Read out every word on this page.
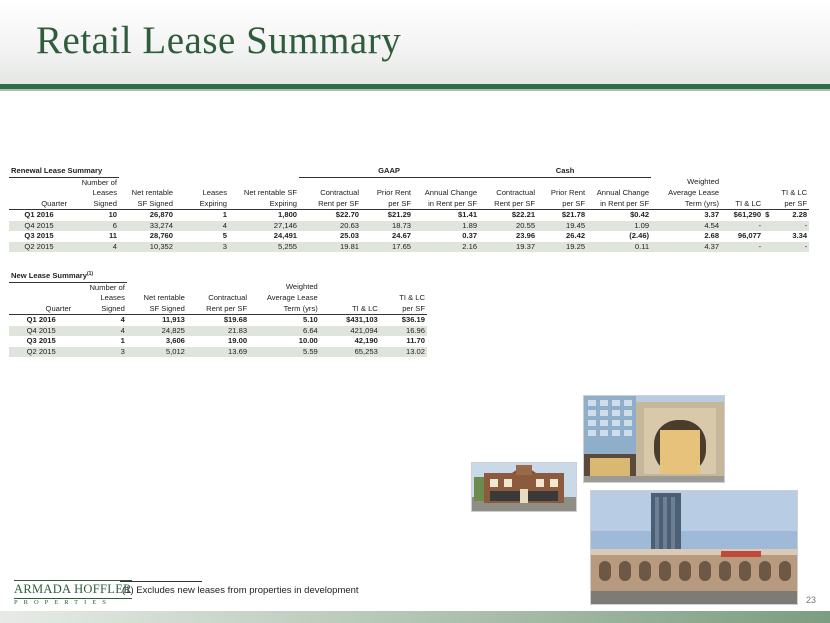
Retail Lease Summary
Renewal Lease Summary					GAAP			Cash						
	Number of										Weighted			
	Leases	Net rentable	Leases	Net rentable SF	Contractual	Prior Rent	Annual Change	Contractual	Prior Rent	Annual Change	Average Lease		TI & LC	
Quarter	Signed	SF Signed	Expiring	Expiring	Rent per SF	per SF	in Rent per SF	Rent per SF	per SF	in Rent per SF	Term (yrs)	TI & LC	per SF	
Q1 2016	10	26,870	1	1,800	$22.70	$21.29	$1.41	$22.21	$21.78	$0.42	3.37	$61,290	$	2.28
Q4 2015	6	33,274	4	27,146	20.63	18.73	1.89	20.55	19.45	1.09	4.54	-		-
Q3 2015	11	28,760	5	24,491	25.03	24.67	0.37	23.96	26.42	(2.46)	2.68	96,077		3.34
Q2 2015	4	10,352	3	5,255	19.81	17.65	2.16	19.37	19.25	0.11	4.37	-		-
New Lease Summary$^{(1)}$	
	Number of			Weighted		
	Leases	Net rentable	Contractual	Average Lease		TI & LC
Quarter	Signed	SF Signed	Rent per SF	Term (yrs)	TI & LC	per SF
Q1 2016	4	11,913	$19.68	5.10	$431,103	$36.19
Q4 2015	4	24,825	21.83	6.64	421,094	16.96
Q3 2015	1	3,606	19.00	10.00	42,190	11.70
Q2 2015	3	5,012	13.69	5.59	65,253	13.02
ARMADA HOFFLER
PROPERTIES
(1) Excludes new leases from properties in development
23
